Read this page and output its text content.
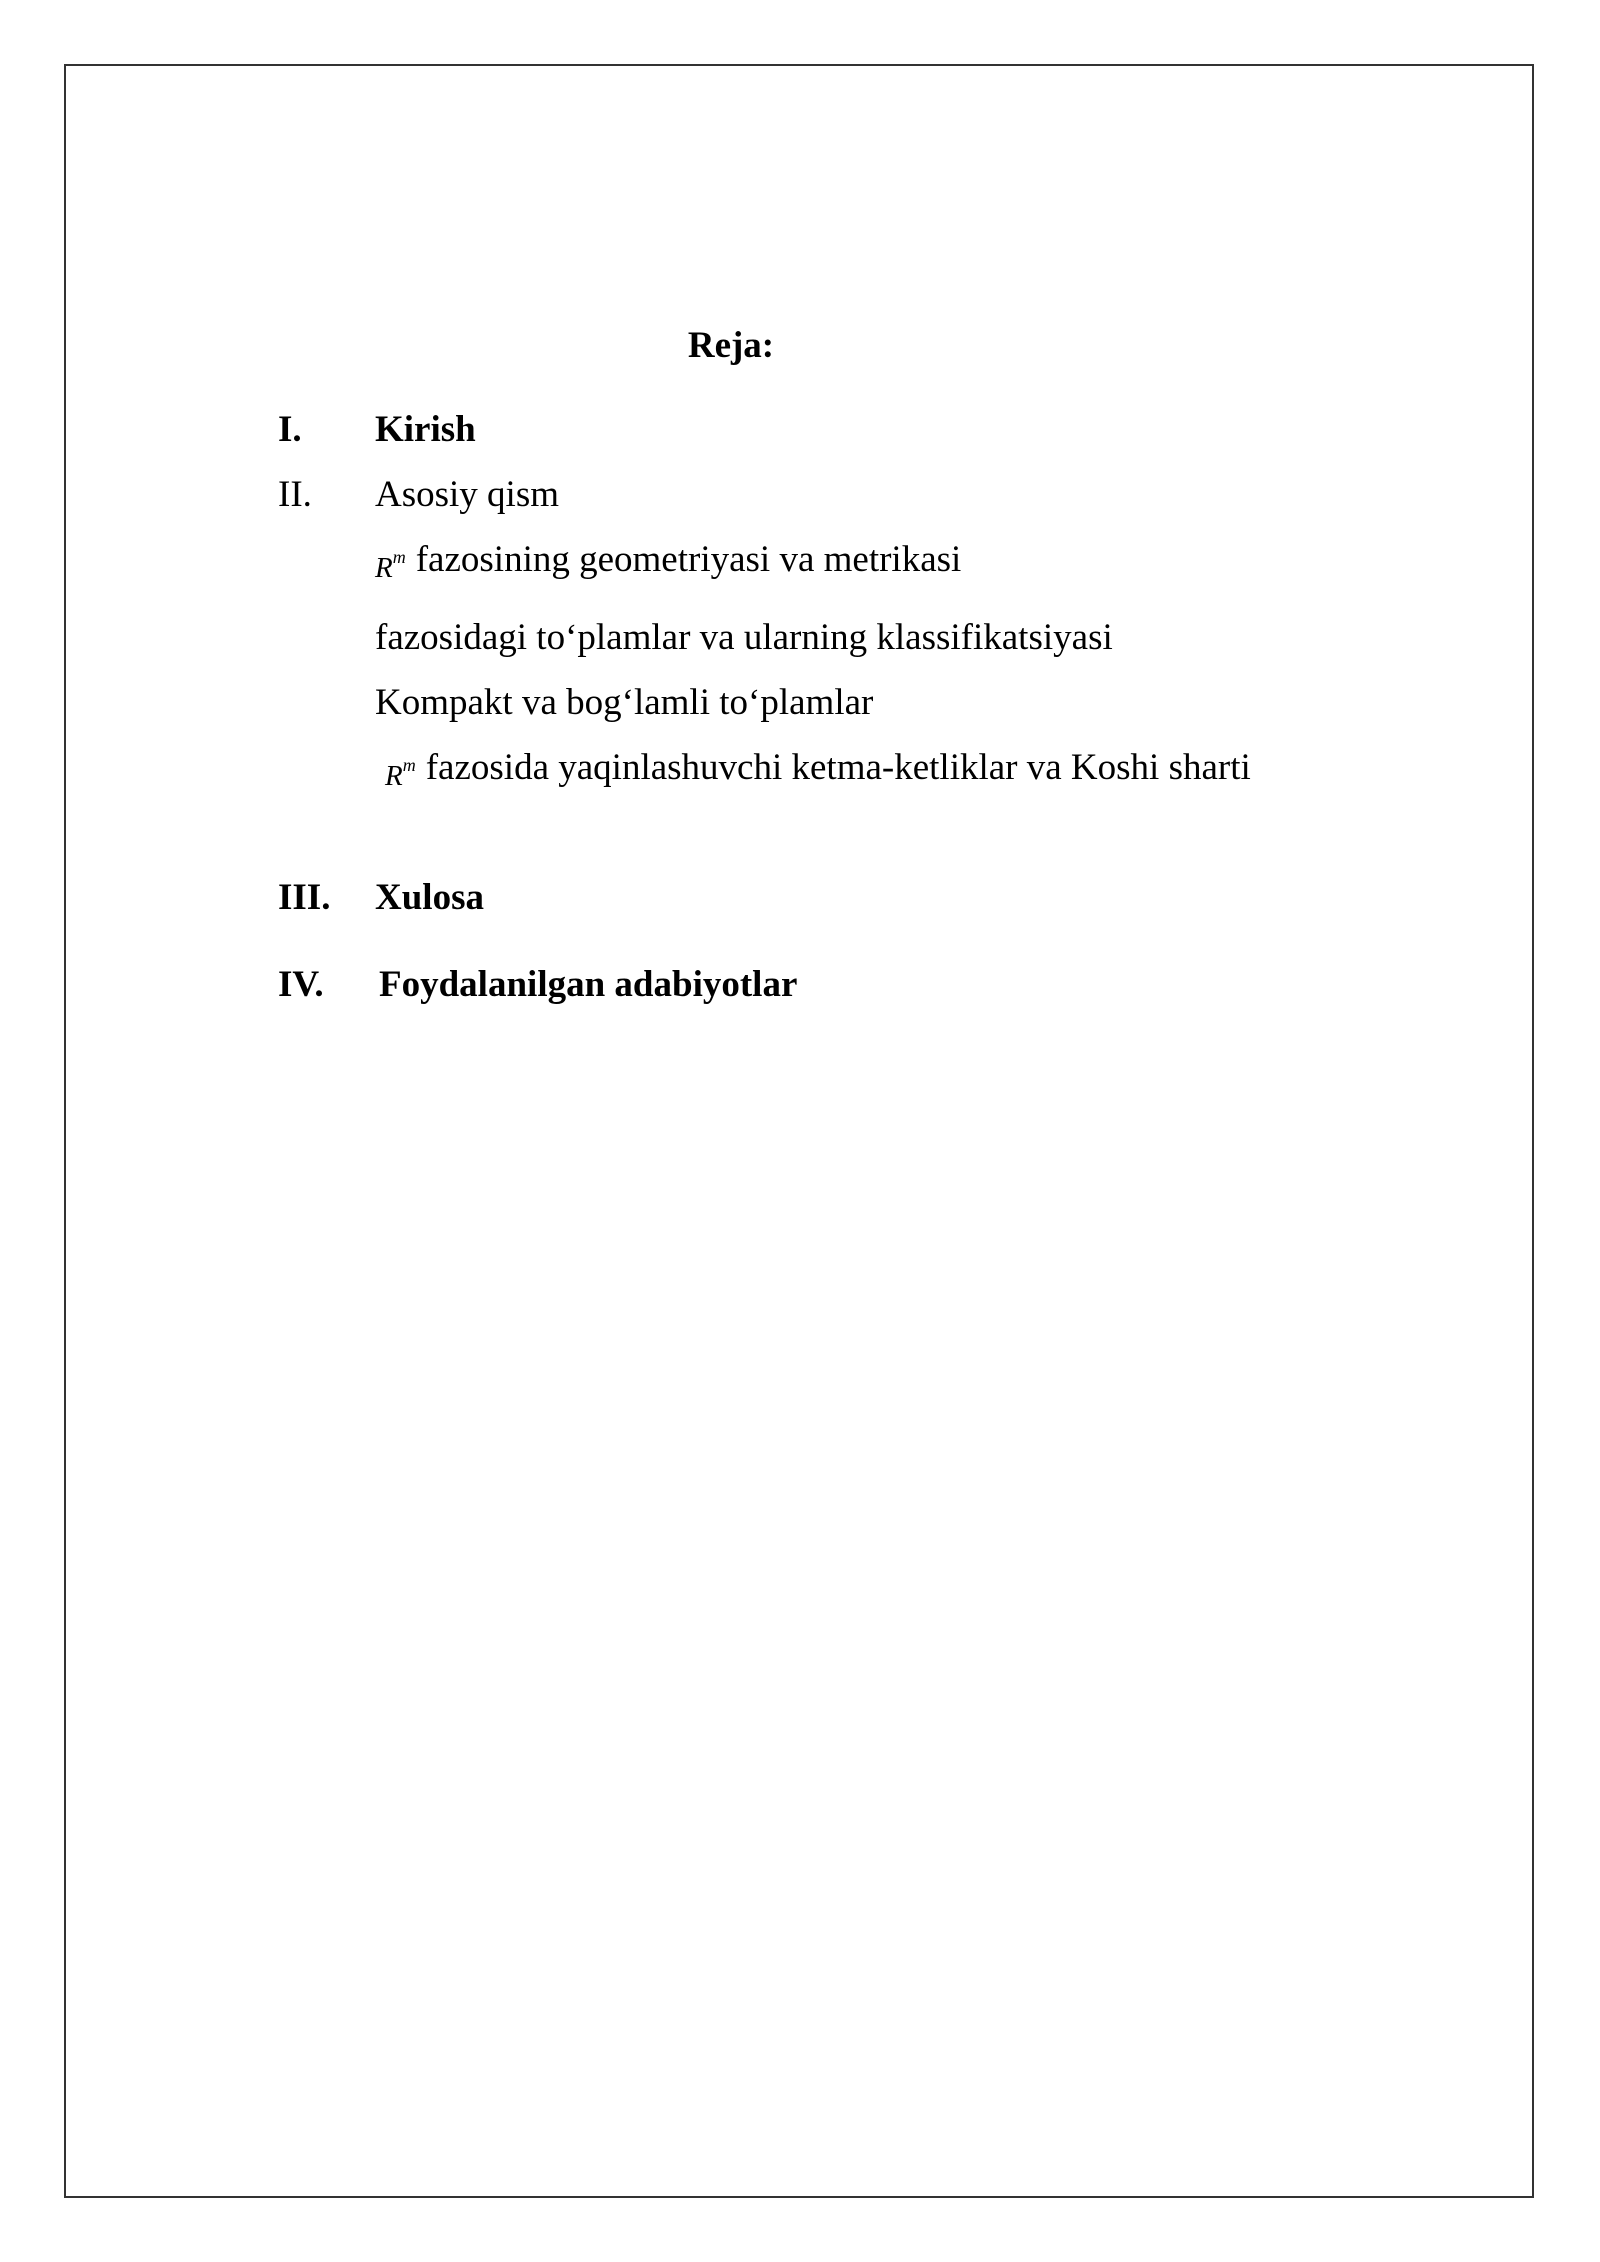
Reja:
I. Kirish
II. Asosiy qism
$R^m$ fazosining geometriyasi va metrikasi
fazosidagi to‘plamlar va ularning klassifikatsiyasi
Kompakt va bog‘lamli to‘plamlar
$R^m$ fazosida yaqinlashuvchi ketma-ketliklar va Koshi sharti
III. Xulosa
IV. Foydalanilgan adabiyotlar
